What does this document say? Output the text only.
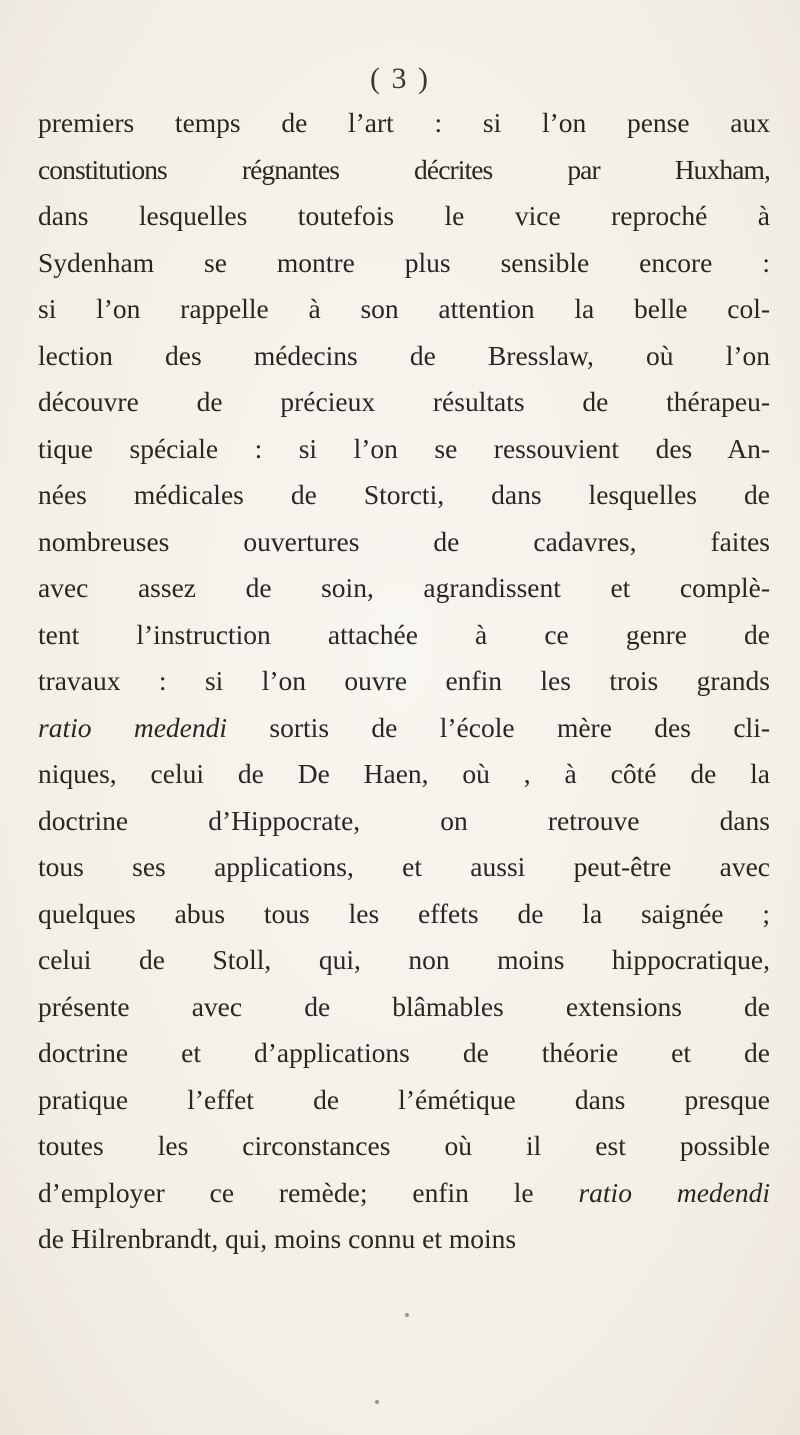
( 3 )
premiers temps de l’art : si l’on pense aux
constitutions régnantes décrites par Huxham,
dans lesquelles toutefois le vice reproché à
Sydenham se montre plus sensible encore :
si l’on rappelle à son attention la belle col-
lection des médecins de Bresslaw, où l’on
découvre de précieux résultats de thérapeu-
tique spéciale : si l’on se ressouvient des An-
nées médicales de Storcti, dans lesquelles de
nombreuses ouvertures de cadavres, faites
avec assez de soin, agrandissent et complè-
tent l’instruction attachée à ce genre de
travaux : si l’on ouvre enfin les trois grands
ratio medendi sortis de l’école mère des cli-
niques, celui de De Haen, où , à côté de la
doctrine d’Hippocrate, on retrouve dans
tous ses applications, et aussi peut-être avec
quelques abus tous les effets de la saignée ;
celui de Stoll, qui, non moins hippocratique,
présente avec de blâmables extensions de
doctrine et d’applications de théorie et de
pratique l’effet de l’émétique dans presque
toutes les circonstances où il est possible
d’employer ce remède; enfin le ratio medendi
de Hilrenbrandt, qui, moins connu et moins
